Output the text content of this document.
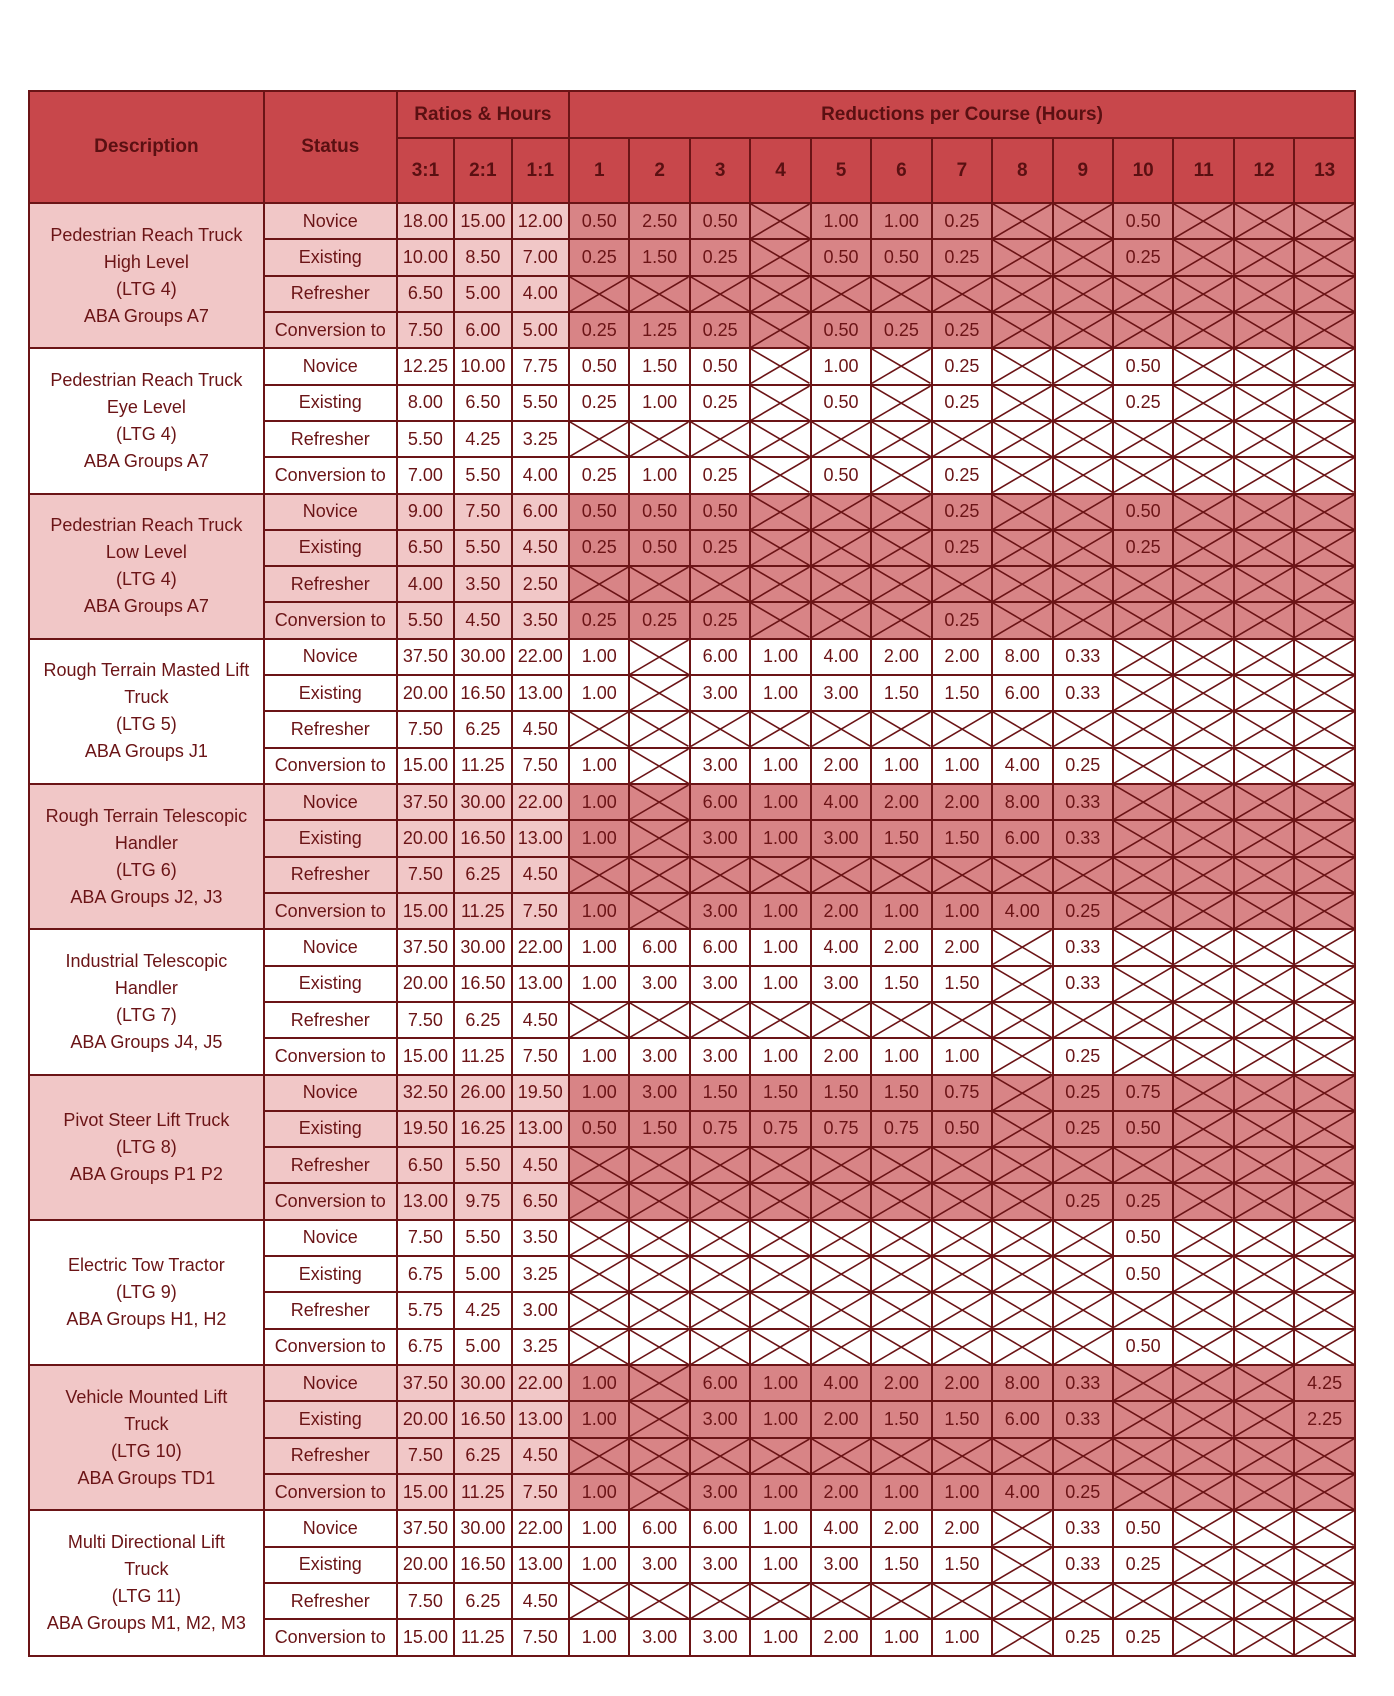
Description	Status	Ratios & Hours			Reductions per Course (Hours)												
		3:1	2:1	1:1	1	2	3	4	5	6	7	8	9	10	11	12	13

Pedestrian Reach Truck
High Level
(LTG 4)
ABA Groups A7	Novice	18.00	15.00	12.00	0.50	2.50	0.50		1.00	1.00	0.25			0.50	

	Existing	10.00	8.50	7.00	0.25	1.50	0.25		0.50	0.50	0.25			0.25	

	Refresher	6.50	5.00	4.00	

	Conversion to	7.50	6.00	5.00	0.25	1.25	0.25		0.50	0.25	0.25	

Pedestrian Reach Truck
Eye Level
(LTG 4)
ABA Groups A7	Novice	12.25	10.00	7.75	0.50	1.50	0.50		1.00		0.25			0.50	

	Existing	8.00	6.50	5.50	0.25	1.00	0.25		0.50		0.25			0.25	

	Refresher	5.50	4.25	3.25	

	Conversion to	7.00	5.50	4.00	0.25	1.00	0.25		0.50		0.25	

Pedestrian Reach Truck
Low Level
(LTG 4)
ABA Groups A7	Novice	9.00	7.50	6.00	0.50	0.50	0.50				0.25			0.50	

	Existing	6.50	5.50	4.50	0.25	0.50	0.25				0.25			0.25	

	Refresher	4.00	3.50	2.50	

	Conversion to	5.50	4.50	3.50	0.25	0.25	0.25				0.25	

Rough Terrain Masted Lift
Truck
(LTG 5)
ABA Groups J1	Novice	37.50	30.00	22.00	1.00		6.00	1.00	4.00	2.00	2.00	8.00	0.33	

	Existing	20.00	16.50	13.00	1.00		3.00	1.00	3.00	1.50	1.50	6.00	0.33	

	Refresher	7.50	6.25	4.50	

	Conversion to	15.00	11.25	7.50	1.00		3.00	1.00	2.00	1.00	1.00	4.00	0.25	

Rough Terrain Telescopic
Handler
(LTG 6)
ABA Groups J2, J3	Novice	37.50	30.00	22.00	1.00		6.00	1.00	4.00	2.00	2.00	8.00	0.33	

	Existing	20.00	16.50	13.00	1.00		3.00	1.00	3.00	1.50	1.50	6.00	0.33	

	Refresher	7.50	6.25	4.50	

	Conversion to	15.00	11.25	7.50	1.00		3.00	1.00	2.00	1.00	1.00	4.00	0.25	

Industrial Telescopic
Handler
(LTG 7)
ABA Groups J4, J5	Novice	37.50	30.00	22.00	1.00	6.00	6.00	1.00	4.00	2.00	2.00		0.33	

	Existing	20.00	16.50	13.00	1.00	3.00	3.00	1.00	3.00	1.50	1.50		0.33	

	Refresher	7.50	6.25	4.50	

	Conversion to	15.00	11.25	7.50	1.00	3.00	3.00	1.00	2.00	1.00	1.00		0.25	

Pivot Steer Lift Truck
(LTG 8)
ABA Groups P1 P2	Novice	32.50	26.00	19.50	1.00	3.00	1.50	1.50	1.50	1.50	0.75		0.25	0.75	

	Existing	19.50	16.25	13.00	0.50	1.50	0.75	0.75	0.75	0.75	0.50		0.25	0.50	

	Refresher	6.50	5.50	4.50	

	Conversion to	13.00	9.75	6.50									0.25	0.25	

Electric Tow Tractor
(LTG 9)
ABA Groups H1, H2	Novice	7.50	5.50	3.50										0.50	

	Existing	6.75	5.00	3.25										0.50	

	Refresher	5.75	4.25	3.00	

	Conversion to	6.75	5.00	3.25										0.50	

Vehicle Mounted Lift
Truck
(LTG 10)
ABA Groups TD1	Novice	37.50	30.00	22.00	1.00		6.00	1.00	4.00	2.00	2.00	8.00	0.33				4.25
	Existing	20.00	16.50	13.00	1.00		3.00	1.00	2.00	1.50	1.50	6.00	0.33				2.25
	Refresher	7.50	6.25	4.50	

	Conversion to	15.00	11.25	7.50	1.00		3.00	1.00	2.00	1.00	1.00	4.00	0.25	

Multi Directional Lift
Truck
(LTG 11)
ABA Groups M1, M2, M3	Novice	37.50	30.00	22.00	1.00	6.00	6.00	1.00	4.00	2.00	2.00		0.33	0.50	

	Existing	20.00	16.50	13.00	1.00	3.00	3.00	1.00	3.00	1.50	1.50		0.33	0.25	

	Refresher	7.50	6.25	4.50	

	Conversion to	15.00	11.25	7.50	1.00	3.00	3.00	1.00	2.00	1.00	1.00		0.25	0.25	
